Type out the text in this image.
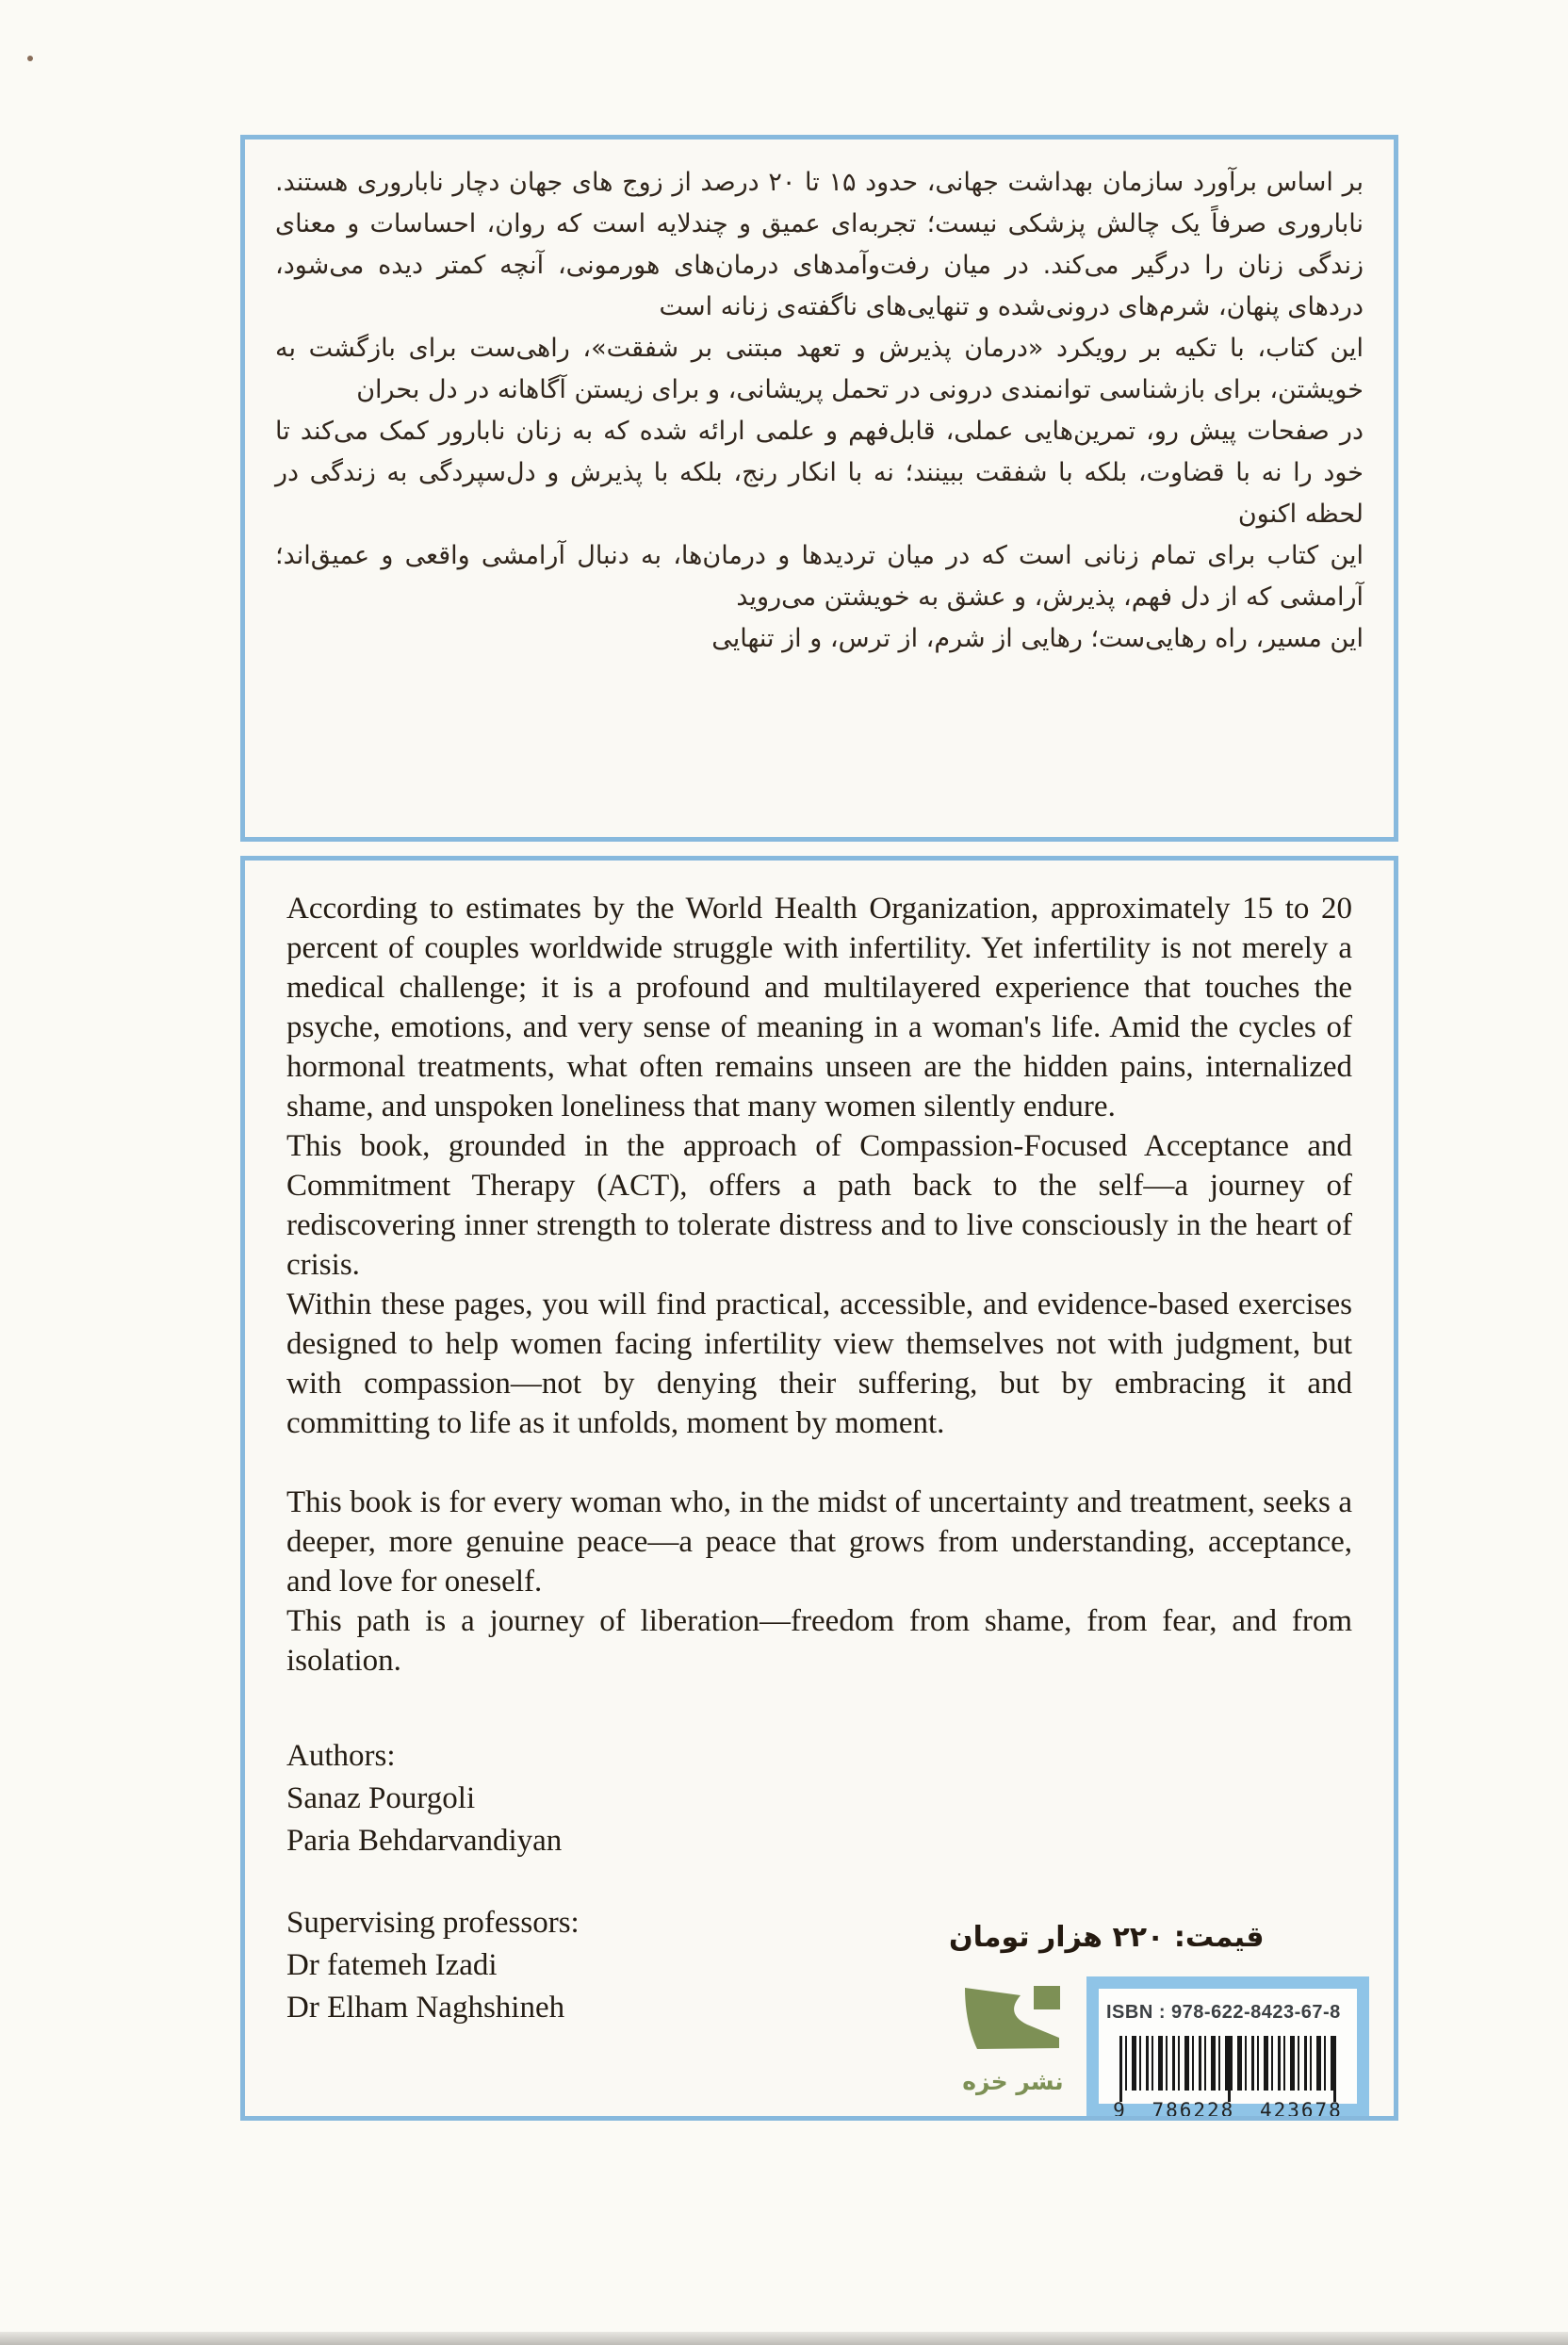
بر اساس برآورد سازمان بهداشت جهانی، حدود ۱۵ تا ۲۰ درصد از زوج های جهان دچار ناباروری هستند. ناباروری صرفاً یک چالش پزشکی نیست؛ تجربه‌ای عمیق و چندلایه است که روان، احساسات و معنای زندگی زنان را درگیر می‌کند. در میان رفت‌وآمدهای درمان‌های هورمونی، آنچه کمتر دیده می‌شود، دردهای پنهان، شرم‌های درونی‌شده و تنهایی‌های ناگفته‌ی زنانه است

این کتاب، با تکیه بر رویکرد «درمان پذیرش و تعهد مبتنی بر شفقت»، راهی‌ست برای بازگشت به خویشتن، برای بازشناسی توانمندی درونی در تحمل پریشانی، و برای زیستن آگاهانه در دل بحران

در صفحات پیش رو، تمرین‌هایی عملی، قابل‌فهم و علمی ارائه شده که به زنان نابارور کمک می‌کند تا خود را نه با قضاوت، بلکه با شفقت ببینند؛ نه با انکار رنج، بلکه با پذیرش و دل‌سپردگی به زندگی در لحظه اکنون

این کتاب برای تمام زنانی است که در میان تردیدها و درمان‌ها، به دنبال آرامشی واقعی و عمیق‌اند؛ آرامشی که از دل فهم، پذیرش، و عشق به خویشتن می‌روید

این مسیر، راه رهایی‌ست؛ رهایی از شرم، از ترس، و از تنهایی

According to estimates by the World Health Organization, approximately 15 to 20 percent of couples worldwide struggle with infertility. Yet infertility is not merely a medical challenge; it is a profound and multilayered experience that touches the psyche, emotions, and very sense of meaning in a woman's life. Amid the cycles of hormonal treatments, what often remains unseen are the hidden pains, internalized shame, and unspoken loneliness that many women silently endure.

This book, grounded in the approach of Compassion-Focused Acceptance and Commitment Therapy (ACT), offers a path back to the self—a journey of rediscovering inner strength to tolerate distress and to live consciously in the heart of crisis.

Within these pages, you will find practical, accessible, and evidence-based exercises designed to help women facing infertility view themselves not with judgment, but with compassion—not by denying their suffering, but by embracing it and committing to life as it unfolds, moment by moment.

This book is for every woman who, in the midst of uncertainty and treatment, seeks a deeper, more genuine peace—a peace that grows from understanding, acceptance, and love for oneself.

This path is a journey of liberation—freedom from shame, from fear, and from isolation.

Authors:
Sanaz Pourgoli
Paria Behdarvandiyan
Supervising professors:
Dr fatemeh Izadi
Dr Elham Naghshineh
قیمت: ۲۲۰ هزار تومان
ISBN : 978-622-8423-67-8
9 786228 423678
نشر خزه
